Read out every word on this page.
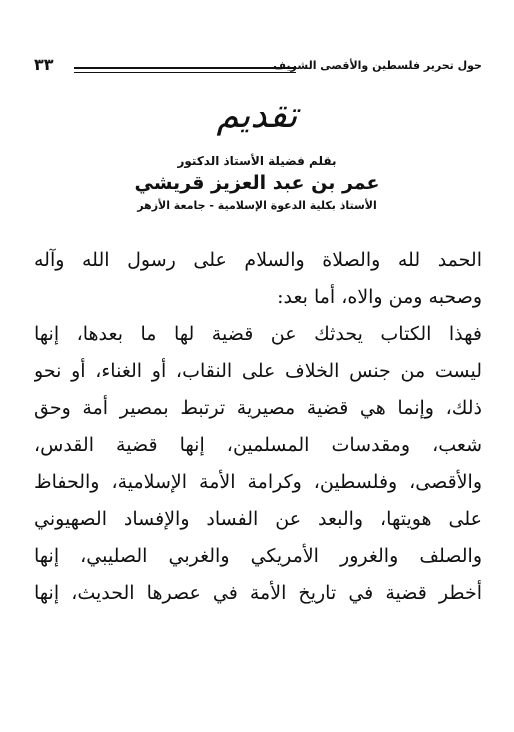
حول تحرير فلسطين والأقصى الشريف
٣٣
تقديم
بقلم فضيلة الأستاذ الدكتور
عمر بن عبد العزيز قريشي
الأستاذ بكلية الدعوة الإسلامية - جامعة الأزهر
الحمد لله والصلاة والسلام على رسول الله وآله
وصحبه ومن والاه، أما بعد:
فهذا الكتاب يحدثك عن قضية لها ما بعدها، إنها
ليست من جنس الخلاف على النقاب، أو الغناء، أو نحو
ذلك، وإنما هي قضية مصيرية ترتبط بمصير أمة وحق
شعب، ومقدسات المسلمين، إنها قضية القدس،
والأقصى، وفلسطين، وكرامة الأمة الإسلامية، والحفاظ
على هويتها، والبعد عن الفساد والإفساد الصهيوني
والصلف والغرور الأمريكي والغربي الصليبي، إنها
أخطر قضية في تاريخ الأمة في عصرها الحديث، إنها
